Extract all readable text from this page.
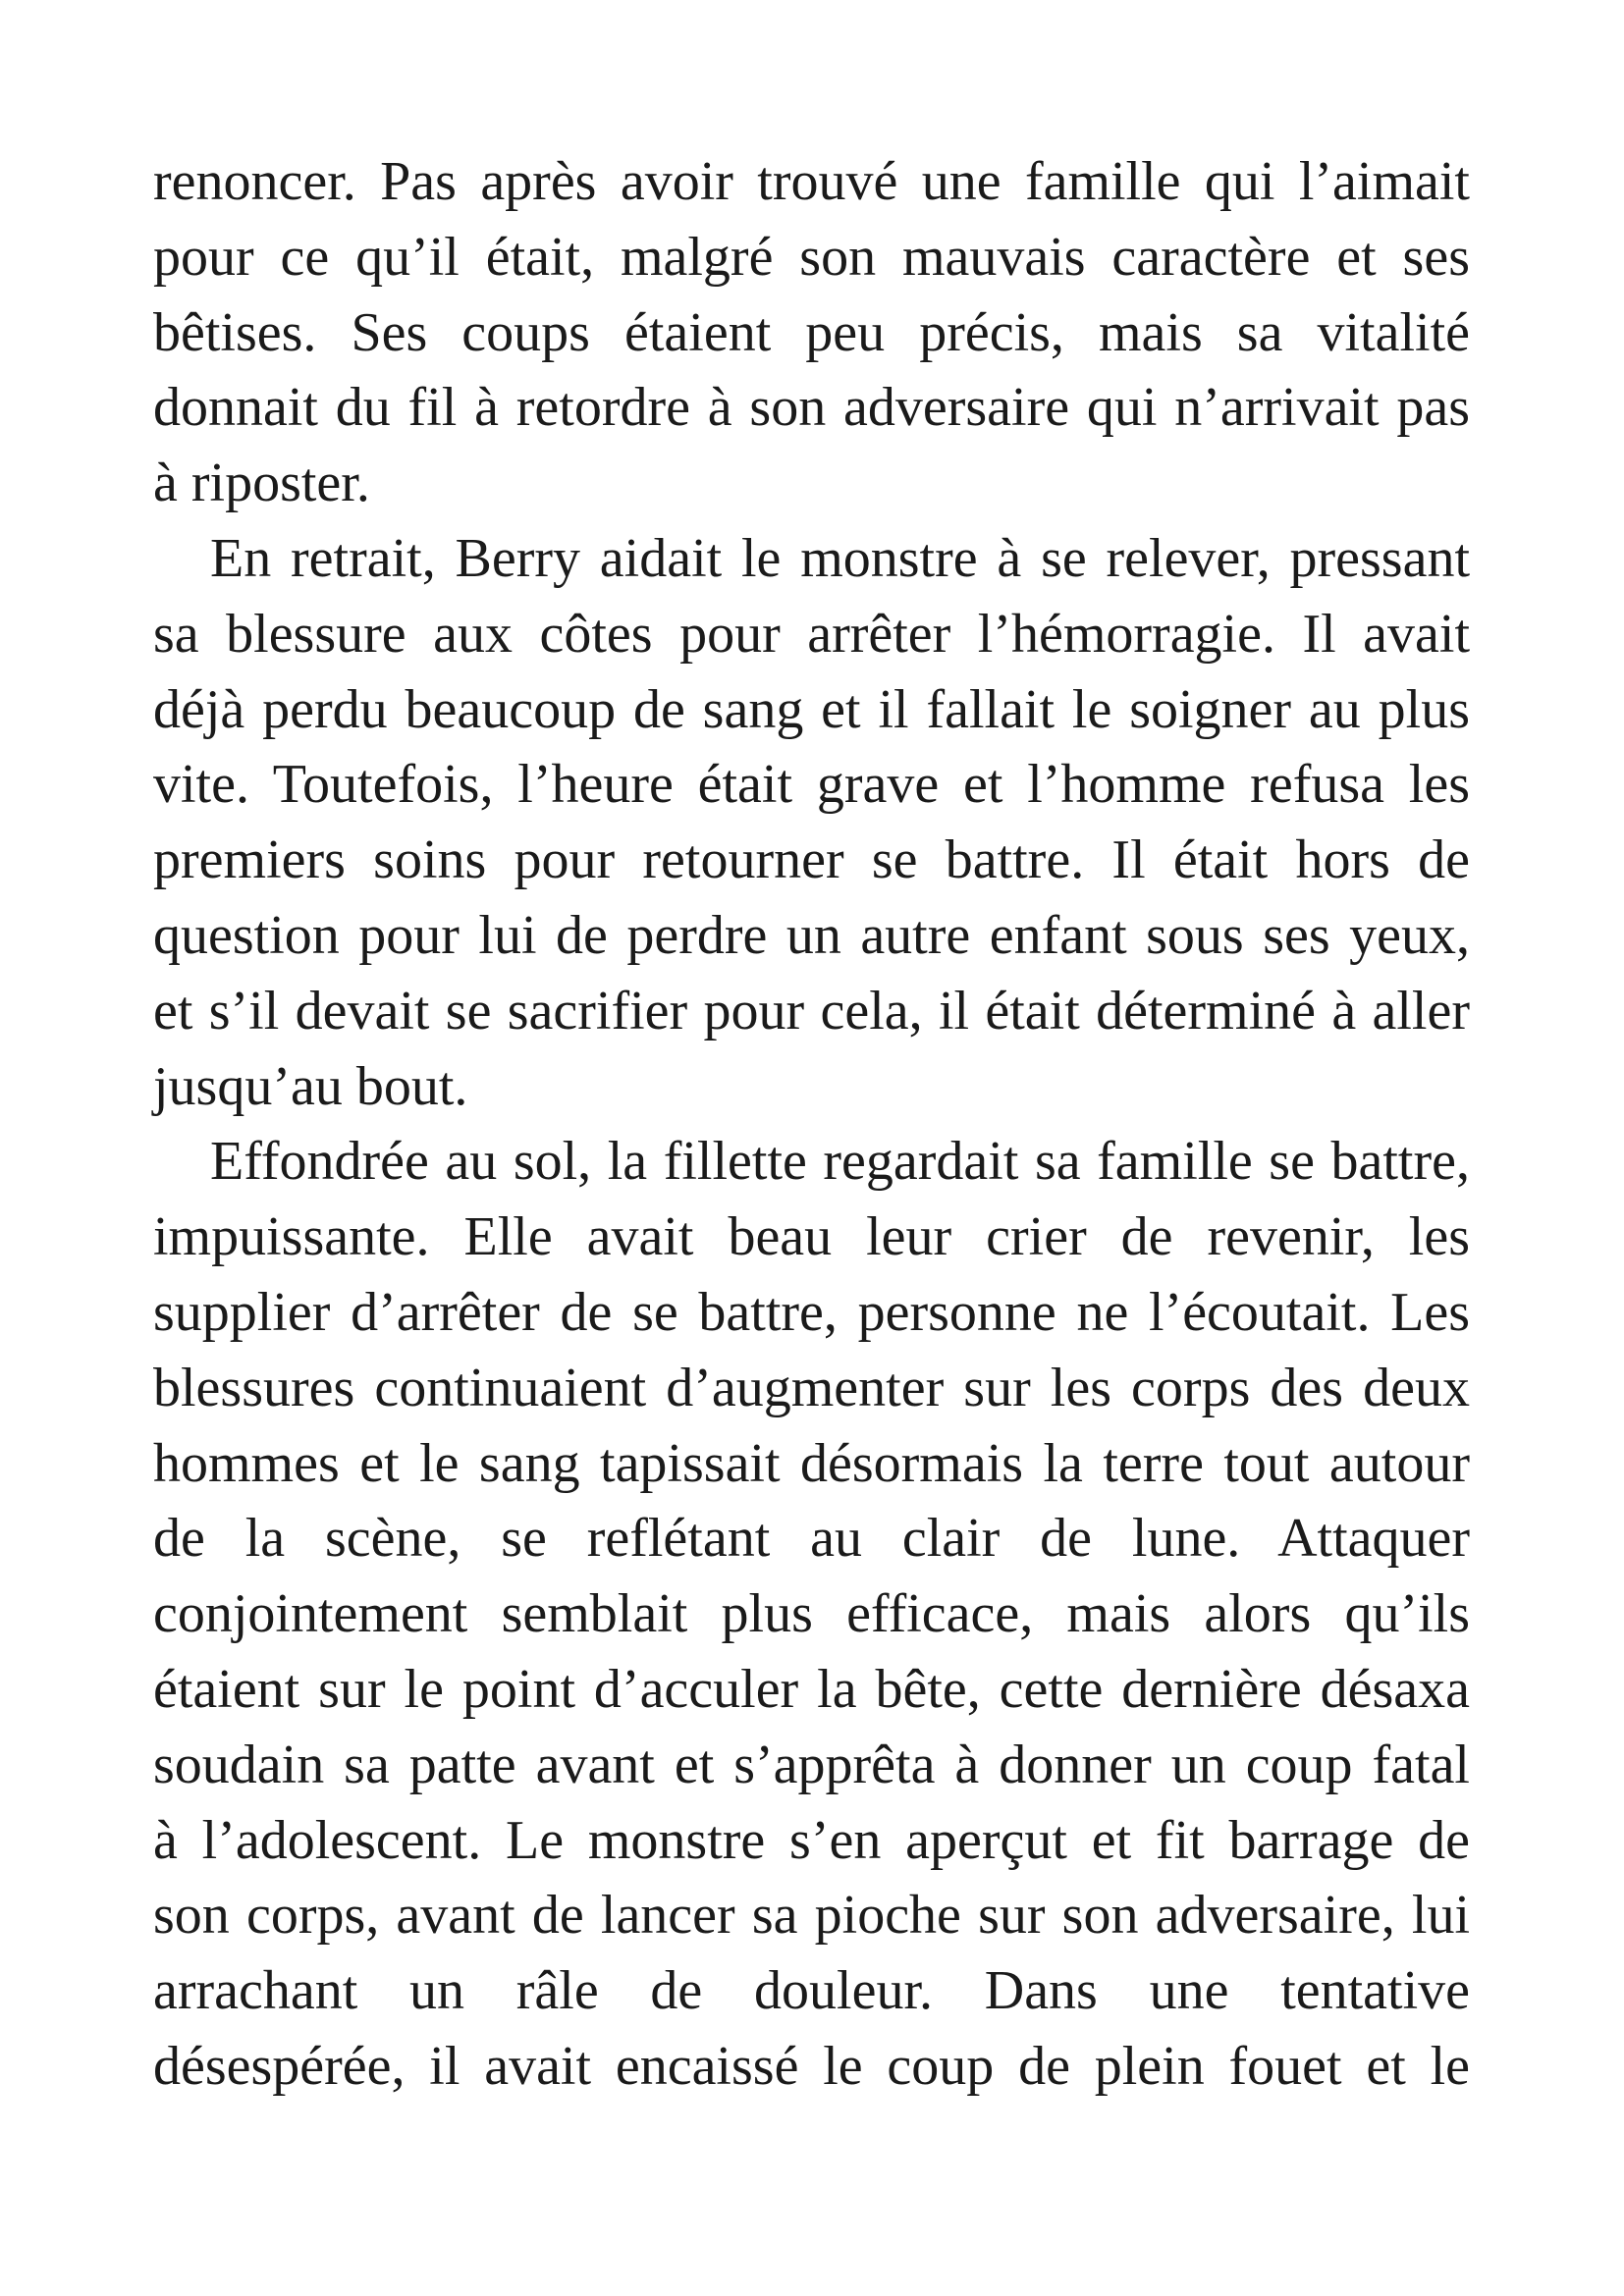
renoncer. Pas après avoir trouvé une famille qui l’aimait
pour ce qu’il était, malgré son mauvais caractère et ses
bêtises. Ses coups étaient peu précis, mais sa vitalité
donnait du fil à retordre à son adversaire qui n’arrivait pas
à riposter.

En retrait, Berry aidait le monstre à se relever, pressant
sa blessure aux côtes pour arrêter l’hémorragie. Il avait
déjà perdu beaucoup de sang et il fallait le soigner au plus
vite. Toutefois, l’heure était grave et l’homme refusa les
premiers soins pour retourner se battre. Il était hors de
question pour lui de perdre un autre enfant sous ses yeux,
et s’il devait se sacrifier pour cela, il était déterminé à aller
jusqu’au bout.

Effondrée au sol, la fillette regardait sa famille se battre,
impuissante. Elle avait beau leur crier de revenir, les
supplier d’arrêter de se battre, personne ne l’écoutait. Les
blessures continuaient d’augmenter sur les corps des deux
hommes et le sang tapissait désormais la terre tout autour
de la scène, se reflétant au clair de lune. Attaquer
conjointement semblait plus efficace, mais alors qu’ils
étaient sur le point d’acculer la bête, cette dernière désaxa
soudain sa patte avant et s’apprêta à donner un coup fatal
à l’adolescent. Le monstre s’en aperçut et fit barrage de
son corps, avant de lancer sa pioche sur son adversaire, lui
arrachant un râle de douleur. Dans une tentative
désespérée, il avait encaissé le coup de plein fouet et le
